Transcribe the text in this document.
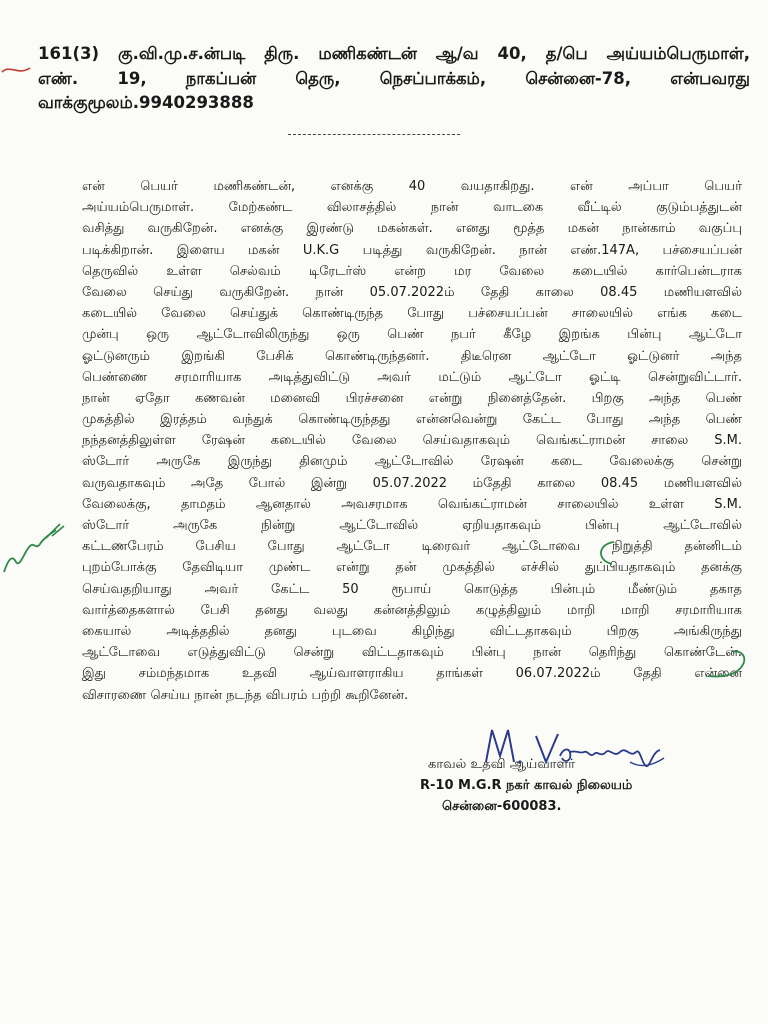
161(3) கு.வி.மு.ச.ன்படி திரு. மணிகண்டன் ஆ/வ 40, த/பெ அய்யம்பெருமாள்,
எண். 19, நாகப்பன் தெரு, நெசப்பாக்கம், சென்னை-78, என்பவரது
வாக்குமூலம்.9940293888
என் பெயர் மணிகண்டன், எனக்கு 40 வயதாகிறது. என் அப்பா பெயர்
அய்யம்பெருமாள். மேற்கண்ட விலாசத்தில் நான் வாடகை வீட்டில் குடும்பத்துடன்
வசித்து வருகிறேன். எனக்கு இரண்டு மகன்கள். எனது மூத்த மகன் நான்காம் வகுப்பு
படிக்கிறான். இளைய மகன் U.K.G படித்து வருகிறேன். நான் எண்.147A, பச்சையப்பன்
தெருவில் உள்ள செல்வம் டிரேடர்ஸ் என்ற மர வேலை கடையில் கார்பென்டராக
வேலை செய்து வருகிறேன். நான் 05.07.2022ம் தேதி காலை 08.45 மணியளவில்
கடையில் வேலை செய்துக் கொண்டிருந்த போது பச்சையப்பன் சாலையில் எங்க கடை
முன்பு ஒரு ஆட்டோவிலிருந்து ஒரு பெண் நபர் கீழே இறங்க பின்பு ஆட்டோ
ஓட்டுனரும் இறங்கி பேசிக் கொண்டிருந்தனர். திடீரென ஆட்டோ ஓட்டுனர் அந்த
பெண்ணை சரமாரியாக அடித்துவிட்டு அவர் மட்டும் ஆட்டோ ஓட்டி சென்றுவிட்டார்.
நான் ஏதோ கணவன் மனைவி பிரச்சனை என்று நினைத்தேன். பிறகு அந்த பெண்
முகத்தில் இரத்தம் வந்துக் கொண்டிருந்தது என்னவென்று கேட்ட போது அந்த பெண்
நந்தனத்திலுள்ள ரேஷன் கடையில் வேலை செய்வதாகவும் வெங்கட்ராமன் சாலை S.M.
ஸ்டோர் அருகே இருந்து தினமும் ஆட்டோவில் ரேஷன் கடை வேலைக்கு சென்று
வருவதாகவும் அதே போல் இன்று 05.07.2022 ம்தேதி காலை 08.45 மணியளவில்
வேலைக்கு, தாமதம் ஆனதால் அவசரமாக வெங்கட்ராமன் சாலையில் உள்ள S.M.
ஸ்டோர் அருகே நின்று ஆட்டோவில் ஏறியதாகவும் பின்பு ஆட்டோவில்
கட்டணபேரம் பேசிய போது ஆட்டோ டிரைவர் ஆட்டோவை நிறுத்தி தன்னிடம்
புறம்போக்கு தேவிடியா முண்ட என்று தன் முகத்தில் எச்சில் துப்பியதாகவும் தனக்கு
செய்வதறியாது அவர் கேட்ட 50 ரூபாய் கொடுத்த பின்பும் மீண்டும் தகாத
வார்த்தைகளால் பேசி தனது வலது கன்னத்திலும் கழுத்திலும் மாறி மாறி சரமாரியாக
கையால் அடித்ததில் தனது புடவை கிழிந்து விட்டதாகவும் பிறகு அங்கிருந்து
ஆட்டோவை எடுத்துவிட்டு சென்று விட்டதாகவும் பின்பு நான் தெரிந்து கொண்டேன்.
இது சம்மந்தமாக உதவி ஆய்வாளராகிய தாங்கள் 06.07.2022ம் தேதி என்னை
விசாரணை செய்ய நான் நடந்த விபரம் பற்றி கூறினேன்.
காவல் உதவி ஆய்வாளர்
R-10 M.G.R நகர் காவல் நிலையம்
சென்னை-600083.
